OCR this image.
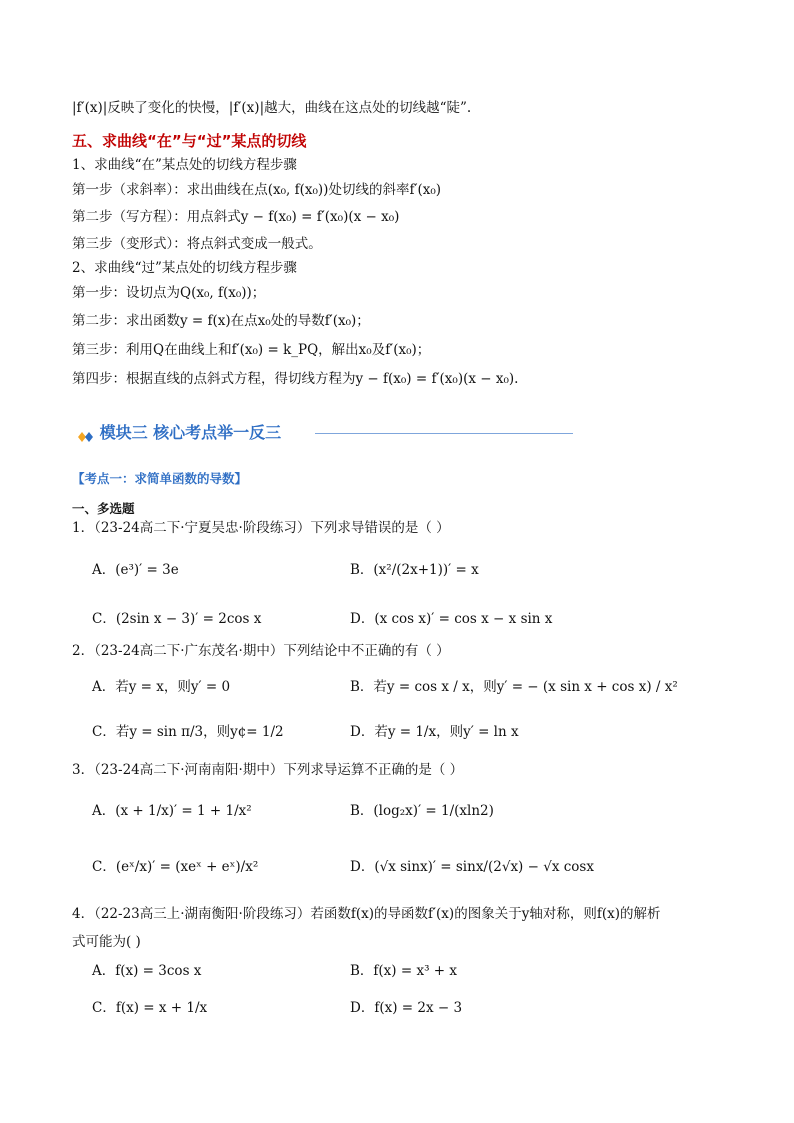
|f′(x)|反映了变化的快慢，|f′(x)|越大，曲线在这点处的切线越“陡”.
五、求曲线“在”与“过”某点的切线
1、求曲线“在”某点处的切线方程步骤
第一步（求斜率）：求出曲线在点(x₀, f(x₀))处切线的斜率f′(x₀)
第二步（写方程）：用点斜式y − f(x₀) = f′(x₀)(x − x₀)
第三步（变形式）：将点斜式变成一般式。
2、求曲线“过”某点处的切线方程步骤
第一步：设切点为Q(x₀, f(x₀))；
第二步：求出函数y = f(x)在点x₀处的导数f′(x₀)；
第三步：利用Q在曲线上和f′(x₀) = k_PQ，解出x₀及f′(x₀)；
第四步：根据直线的点斜式方程，得切线方程为y − f(x₀) = f′(x₀)(x − x₀).
模块三 核心考点举一反三
【考点一：求简单函数的导数】
一、多选题
1．（23-24高二下·宁夏吴忠·阶段练习）下列求导错误的是（ ）
A．(e³)′ = 3e	B．(x²/(2x+1))′ = x
C．(2sin x − 3)′ = 2cos x	D．(x cos x)′ = cos x − x sin x
2．（23-24高二下·广东茂名·期中）下列结论中不正确的有（ ）
A．若y = x，则y′ = 0	B．若y = cos x / x，则y′ = − (x sin x + cos x) / x²
C．若y = sin π/3，则y¢= 1/2	D．若y = 1/x，则y′ = ln x
3．（23-24高二下·河南南阳·期中）下列求导运算不正确的是（ ）
A．(x + 1/x)′ = 1 + 1/x²	B．(log₂x)′ = 1/(xln2)
C．(eˣ/x)′ = (xeˣ + eˣ)/x²	D．(√x sinx)′ = sinx/(2√x) − √x cosx
4．（22-23高三上·湖南衡阳·阶段练习）若函数f(x)的导函数f′(x)的图象关于y轴对称，则f(x)的解析
式可能为( )
A．f(x) = 3cos x	B．f(x) = x³ + x
C．f(x) = x + 1/x	D．f(x) = 2x − 3
